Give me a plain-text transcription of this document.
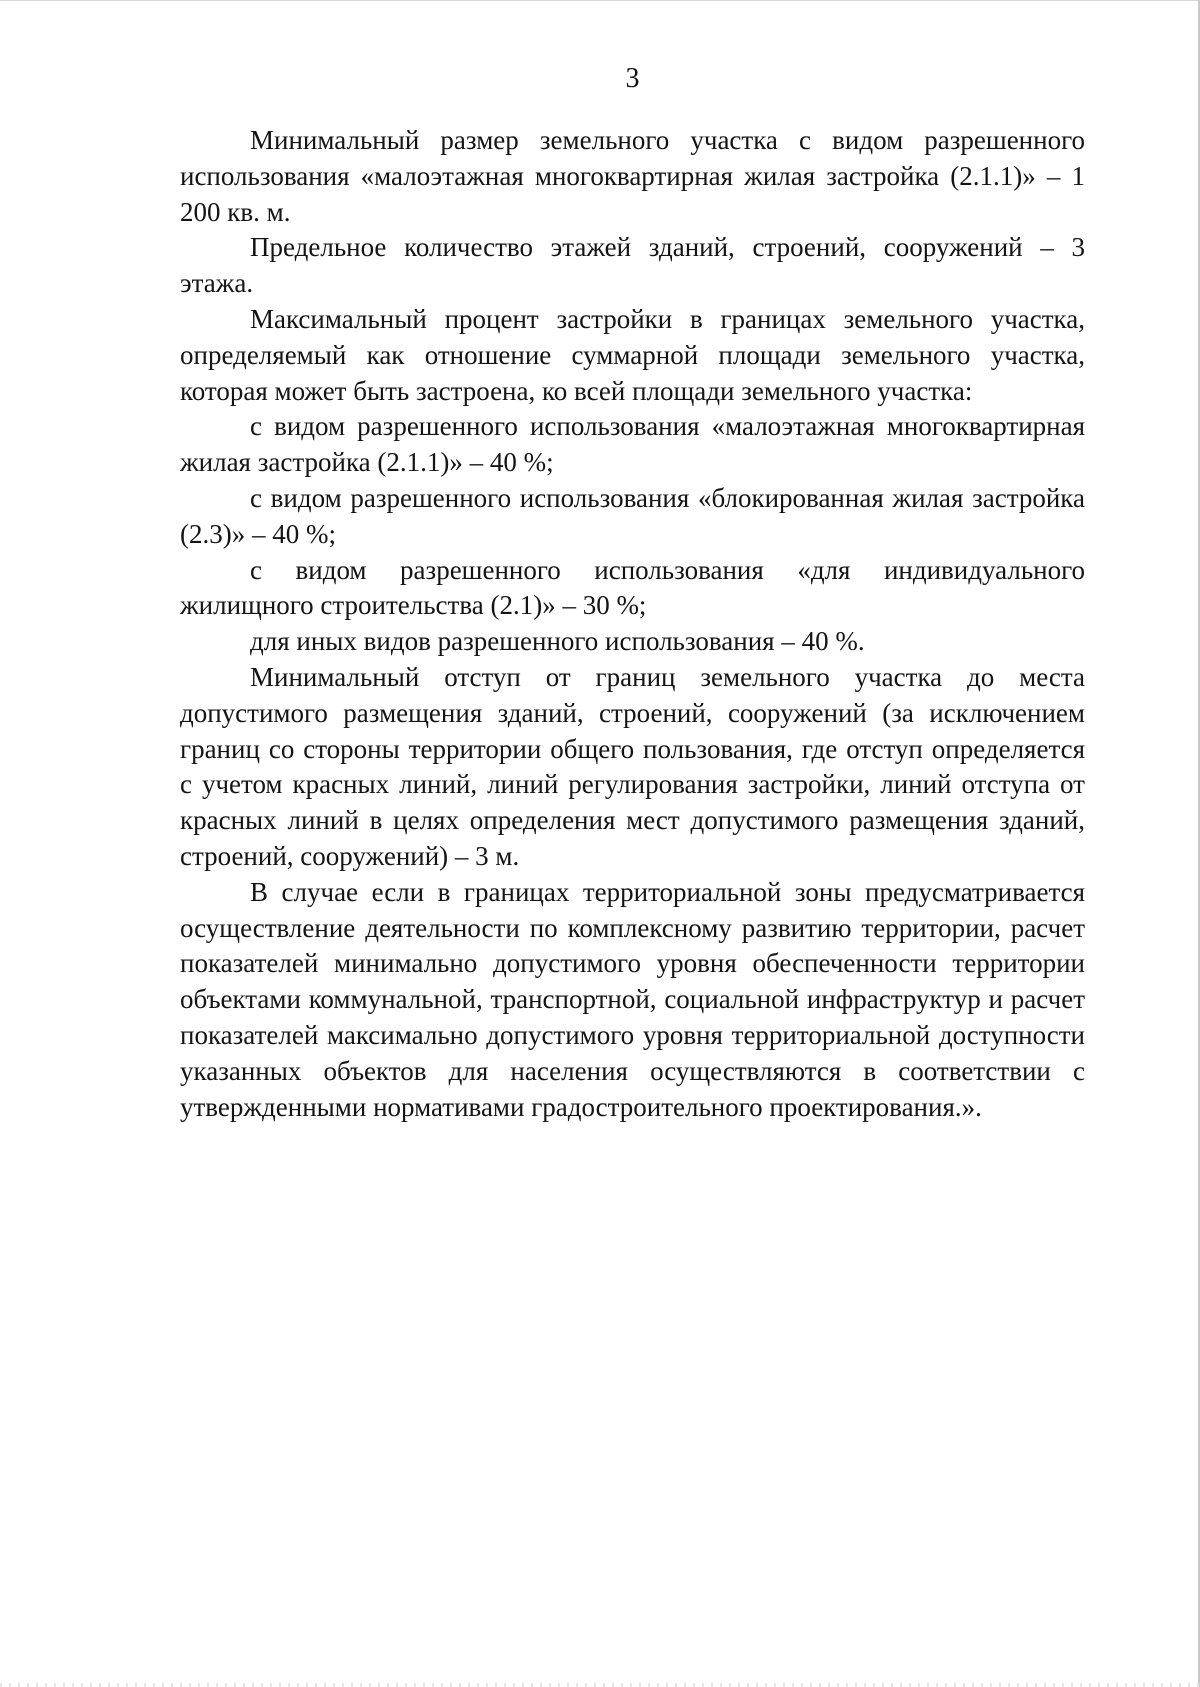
3

Минимальный размер земельного участка с видом разрешенного использования «малоэтажная многоквартирная жилая застройка (2.1.1)» – 1 200 кв. м.

Предельное количество этажей зданий, строений, сооружений – 3 этажа.

Максимальный процент застройки в границах земельного участка, определяемый как отношение суммарной площади земельного участка, которая может быть застроена, ко всей площади земельного участка:

с видом разрешенного использования «малоэтажная многоквартирная жилая застройка (2.1.1)» – 40 %;

с видом разрешенного использования «блокированная жилая застройка (2.3)» – 40 %;

с видом разрешенного использования «для индивидуального жилищного строительства (2.1)» – 30 %;

для иных видов разрешенного использования – 40 %.

Минимальный отступ от границ земельного участка до места допустимого размещения зданий, строений, сооружений (за исключением границ со стороны территории общего пользования, где отступ определяется с учетом красных линий, линий регулирования застройки, линий отступа от красных линий в целях определения мест допустимого размещения зданий, строений, сооружений) – 3 м.

В случае если в границах территориальной зоны предусматривается осуществление деятельности по комплексному развитию территории, расчет показателей минимально допустимого уровня обеспеченности территории объектами коммунальной, транспортной, социальной инфраструктур и расчет показателей максимально допустимого уровня территориальной доступности указанных объектов для населения осуществляются в соответствии с утвержденными нормативами градостроительного проектирования.».
